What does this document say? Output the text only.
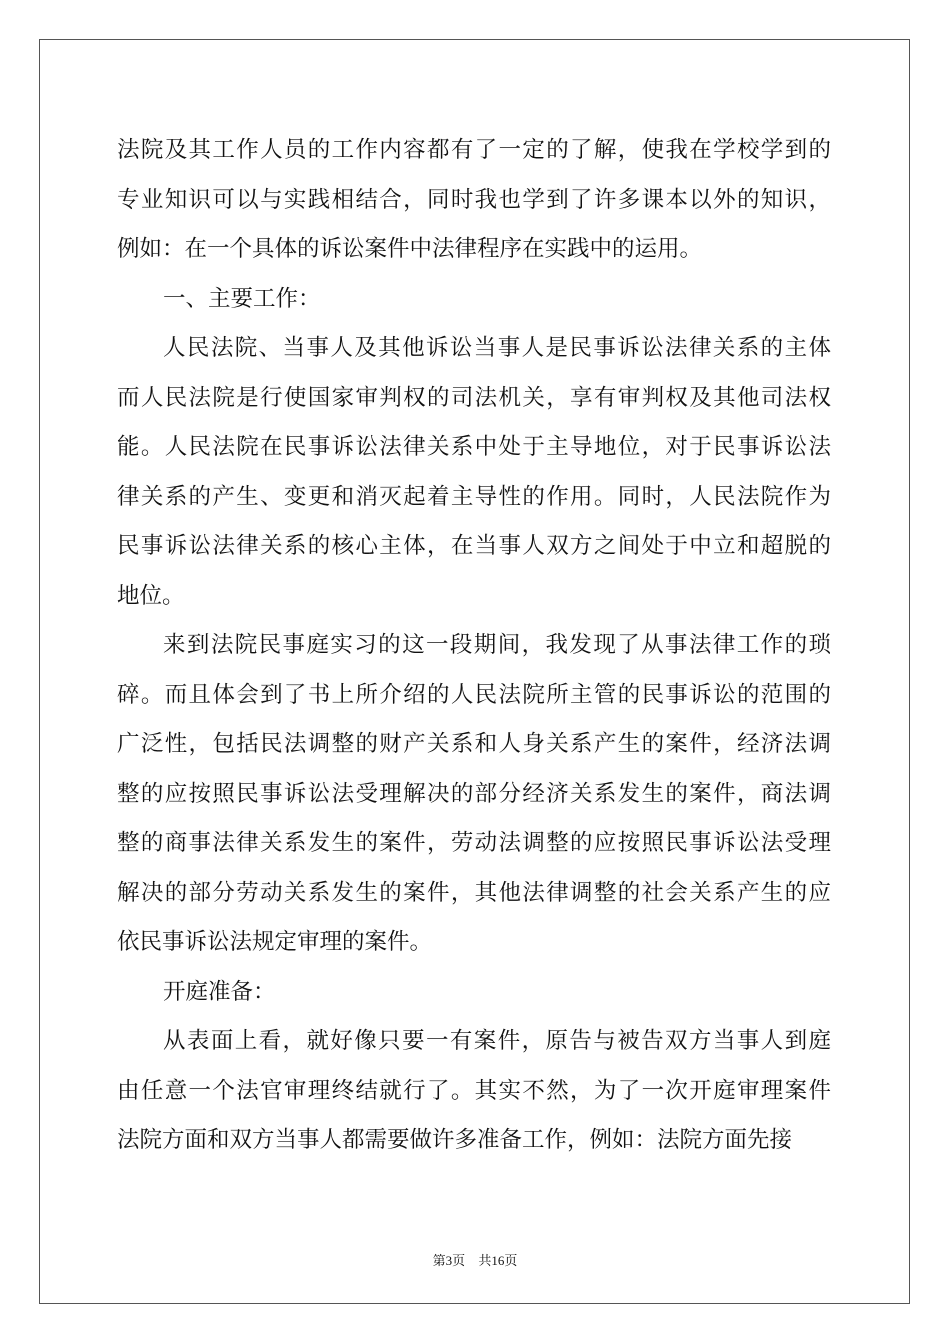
法院及其工作人员的工作内容都有了一定的了解，使我在学校学到的
专业知识可以与实践相结合，同时我也学到了许多课本以外的知识，
例如：在一个具体的诉讼案件中法律程序在实践中的运用。
一、主要工作：
人民法院、当事人及其他诉讼当事人是民事诉讼法律关系的主体
而人民法院是行使国家审判权的司法机关，享有审判权及其他司法权
能。人民法院在民事诉讼法律关系中处于主导地位，对于民事诉讼法
律关系的产生、变更和消灭起着主导性的作用。同时，人民法院作为
民事诉讼法律关系的核心主体，在当事人双方之间处于中立和超脱的
地位。
来到法院民事庭实习的这一段期间，我发现了从事法律工作的琐
碎。而且体会到了书上所介绍的人民法院所主管的民事诉讼的范围的
广泛性，包括民法调整的财产关系和人身关系产生的案件，经济法调
整的应按照民事诉讼法受理解决的部分经济关系发生的案件，商法调
整的商事法律关系发生的案件，劳动法调整的应按照民事诉讼法受理
解决的部分劳动关系发生的案件，其他法律调整的社会关系产生的应
依民事诉讼法规定审理的案件。
开庭准备：
从表面上看，就好像只要一有案件，原告与被告双方当事人到庭
由任意一个法官审理终结就行了。其实不然，为了一次开庭审理案件
法院方面和双方当事人都需要做许多准备工作，例如：法院方面先接
第3页 共16页
